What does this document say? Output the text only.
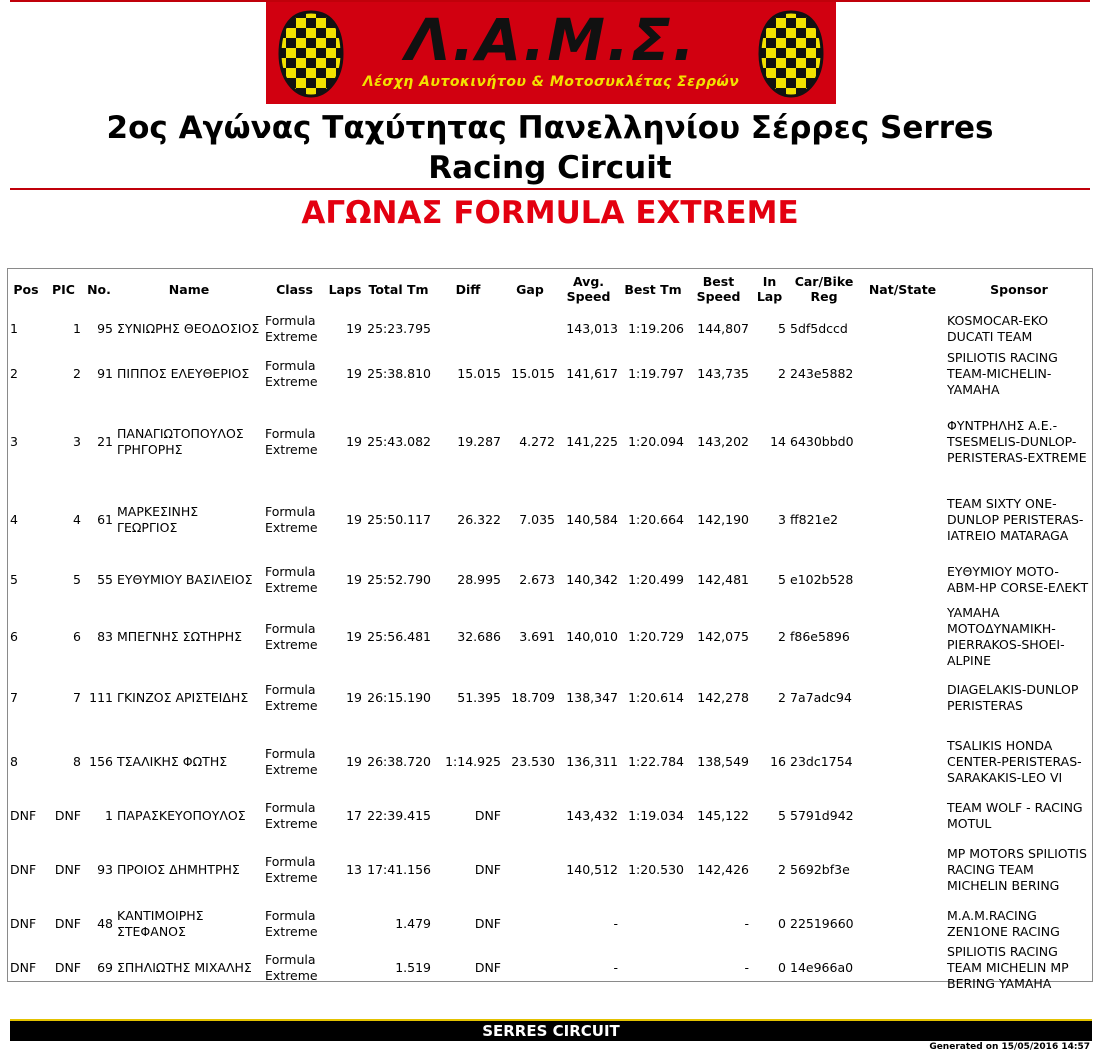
Λ.Α.Μ.Σ.
Λέσχη Αυτοκινήτου & Μοτοσυκλέτας Σερρών
2ος Αγώνας Ταχύτητας Πανελληνίου Σέρρες Serres
Racing Circuit
ΑΓΩΝΑΣ FORMULA EXTREME
Pos	PIC	No.	Name	Class	Laps	Total Tm	Diff	Gap	Avg. Speed	Best Tm	Best Speed	In Lap	Car/Bike Reg	Nat/State	Sponsor
1	1	95	ΣΥΝΙΩΡΗΣ ΘΕΟΔΟΣΙΟΣ	Formula Extreme	19	25:23.795			143,013	1:19.206	144,807	5	5df5dccd		KOSMOCAR-EKO DUCATI TEAM
2	2	91	ΠΙΠΠΟΣ ΕΛΕΥΘΕΡΙΟΣ	Formula Extreme	19	25:38.810	15.015	15.015	141,617	1:19.797	143,735	2	243e5882		SPILIOTIS RACING TEAM-MICHELIN-YAMAHA
3	3	21	ΠΑΝΑΓΙΩΤΟΠΟΥΛΟΣ ΓΡΗΓΟΡΗΣ	Formula Extreme	19	25:43.082	19.287	4.272	141,225	1:20.094	143,202	14	6430bbd0		ΦΥΝΤΡΗΛΗΣ Α.Ε.-TSESMELIS-DUNLOP-PERISTERAS-EXTREME
4	4	61	ΜΑΡΚΕΣΙΝΗΣ ΓΕΩΡΓΙΟΣ	Formula Extreme	19	25:50.117	26.322	7.035	140,584	1:20.664	142,190	3	ff821e2		TEAM SIXTY ONE-DUNLOP PERISTERAS-IATREIO MATARAGA
5	5	55	ΕΥΘΥΜΙΟΥ ΒΑΣΙΛΕΙΟΣ	Formula Extreme	19	25:52.790	28.995	2.673	140,342	1:20.499	142,481	5	e102b528		ΕΥΘΥΜΙΟΥ MOTO-ABM-HP CORSE-ΕΛΕΚΤ
6	6	83	ΜΠΕΓΝΗΣ ΣΩΤΗΡΗΣ	Formula Extreme	19	25:56.481	32.686	3.691	140,010	1:20.729	142,075	2	f86e5896		YAMAHA ΜΟΤΟΔΥΝΑΜΙΚΗ-PIERRAKOS-SHOEI-ALPINE
7	7	111	ΓΚΙΝΖΟΣ ΑΡΙΣΤΕΙΔΗΣ	Formula Extreme	19	26:15.190	51.395	18.709	138,347	1:20.614	142,278	2	7a7adc94		DIAGELAKIS-DUNLOP PERISTERAS
8	8	156	ΤΣΑΛΙΚΗΣ ΦΩΤΗΣ	Formula Extreme	19	26:38.720	1:14.925	23.530	136,311	1:22.784	138,549	16	23dc1754		TSALIKIS HONDA CENTER-PERISTERAS-SARAKAKIS-LEO VI
DNF	DNF	1	ΠΑΡΑΣΚΕΥΟΠΟΥΛΟΣ	Formula Extreme	17	22:39.415	DNF		143,432	1:19.034	145,122	5	5791d942		TEAM WOLF - RACING MOTUL
DNF	DNF	93	ΠΡΟΙΟΣ ΔΗΜΗΤΡΗΣ	Formula Extreme	13	17:41.156	DNF		140,512	1:20.530	142,426	2	5692bf3e		MP MOTORS SPILIOTIS RACING TEAM MICHELIN BERING
DNF	DNF	48	ΚΑΝΤΙΜΟΙΡΗΣ ΣΤΕΦΑΝΟΣ	Formula Extreme		1.479	DNF		-		-	0	22519660		M.A.M.RACING ZEN1ONE RACING
DNF	DNF	69	ΣΠΗΛΙΩΤΗΣ ΜΙΧΑΛΗΣ	Formula Extreme		1.519	DNF		-		-	0	14e966a0		SPILIOTIS RACING TEAM MICHELIN MP BERING YAMAHA
SERRES CIRCUIT
Generated on 15/05/2016 14:57
